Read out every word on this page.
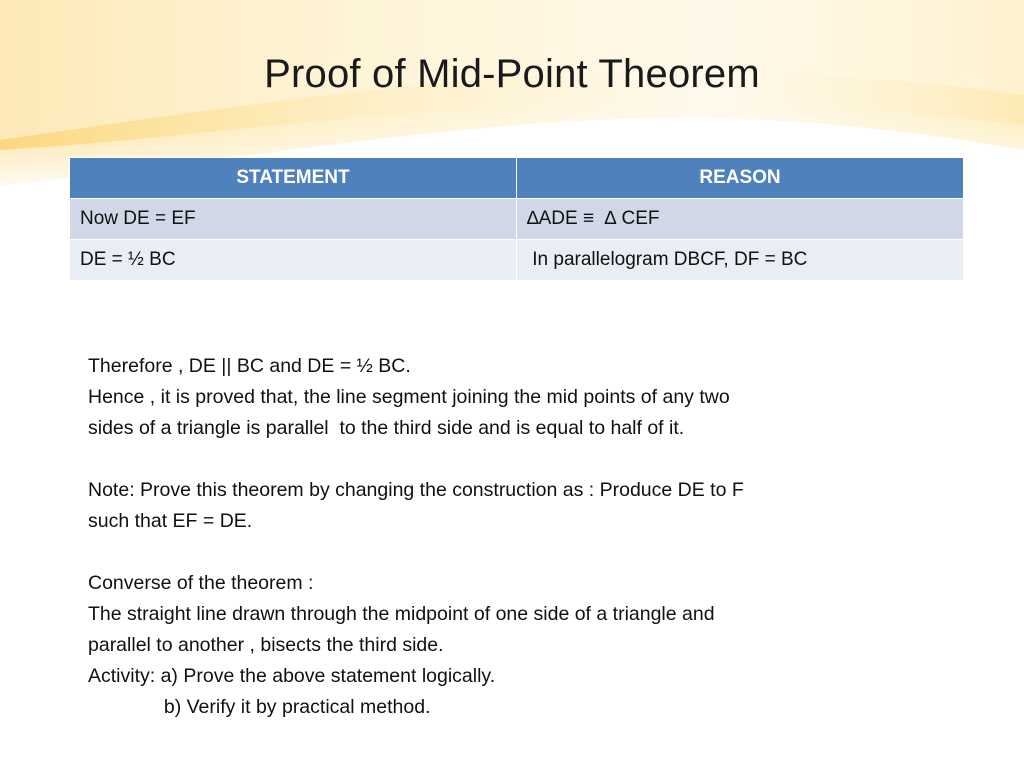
Proof of Mid-Point Theorem
STATEMENT	REASON
Now DE = EF	∆ADE ≡  ∆ CEF
DE = ½ BC	In parallelogram DBCF, DF = BC
Therefore , DE || BC and DE = ½ BC.
Hence , it is proved that, the line segment joining the mid points of any two
sides of a triangle is parallel  to the third side and is equal to half of it.
Note: Prove this theorem by changing the construction as : Produce DE to F
such that EF = DE.
Converse of the theorem :
The straight line drawn through the midpoint of one side of a triangle and
parallel to another , bisects the third side.
Activity: a) Prove the above statement logically.
b) Verify it by practical method.
